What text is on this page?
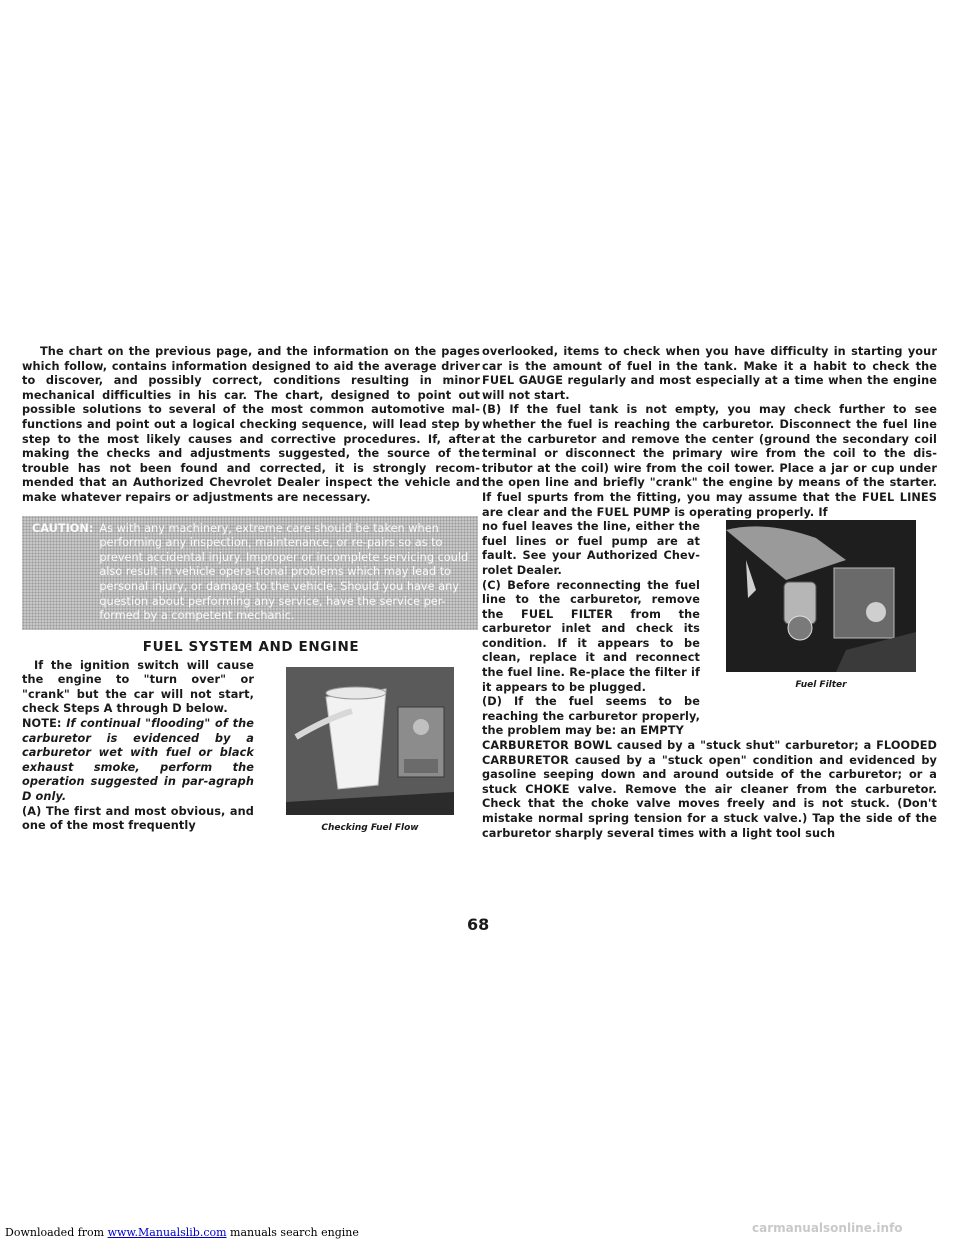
The chart on the previous page, and the information on the pages which follow, contains information designed to aid the average driver to discover, and possibly correct, conditions resulting in minor mechanical difficulties in his car. The chart, designed to point out possible solutions to several of the most common automotive mal-functions and point out a logical checking sequence, will lead step by step to the most likely causes and corrective procedures. If, after making the checks and adjustments suggested, the source of the trouble has not been found and corrected, it is strongly recom-mended that an Authorized Chevrolet Dealer inspect the vehicle and make whatever repairs or adjustments are necessary.

CAUTION: As with any machinery, extreme care should be taken when performing any inspection, maintenance, or re-pairs so as to prevent accidental injury. Improper or incomplete servicing could also result in vehicle opera-tional problems which may lead to personal injury, or damage to the vehicle. Should you have any question about performing any service, have the service per-formed by a competent mechanic.
FUEL SYSTEM AND ENGINE

If the ignition switch will cause the engine to "turn over" or "crank" but the car will not start, check Steps A through D below.

NOTE: If continual "flooding" of the carburetor is evidenced by a carburetor wet with fuel or black exhaust smoke, perform the operation suggested in par-agraph D only.

(A) The first and most obvious, and one of the most frequently	Checking Fuel Flow

overlooked, items to check when you have difficulty in starting your car is the amount of fuel in the tank. Make it a habit to check the FUEL GAUGE regularly and most especially at a time when the engine will not start.

(B) If the fuel tank is not empty, you may check further to see whether the fuel is reaching the carburetor. Disconnect the fuel line at the carburetor and remove the center (ground the secondary coil terminal or disconnect the primary wire from the coil to the dis-tributor at the coil) wire from the coil tower. Place a jar or cup under the open line and briefly "crank" the engine by means of the starter. If fuel spurts from the fitting, you may assume that the FUEL LINES are clear and the FUEL PUMP is operating properly. If

no fuel leaves the line, either the fuel lines or fuel pump are at fault. See your Authorized Chev-rolet Dealer.

(C) Before reconnecting the fuel line to the carburetor, remove the FUEL FILTER from the carburetor inlet and check its condition. If it appears to be clean, replace it and reconnect the fuel line. Re-place the filter if it appears to be plugged.

(D) If the fuel seems to be reaching the carburetor properly, the problem may be: an EMPTY

Fuel Filter

CARBURETOR BOWL caused by a "stuck shut" carburetor; a FLOODED CARBURETOR caused by a "stuck open" condition and evidenced by gasoline seeping down and around outside of the carburetor; or a stuck CHOKE valve. Remove the air cleaner from the carburetor. Check that the choke valve moves freely and is not stuck. (Don't mistake normal spring tension for a stuck valve.) Tap the side of the carburetor sharply several times with a light tool such

68
Downloaded from www.Manualslib.com manuals search engine	carmanualsonline.info
